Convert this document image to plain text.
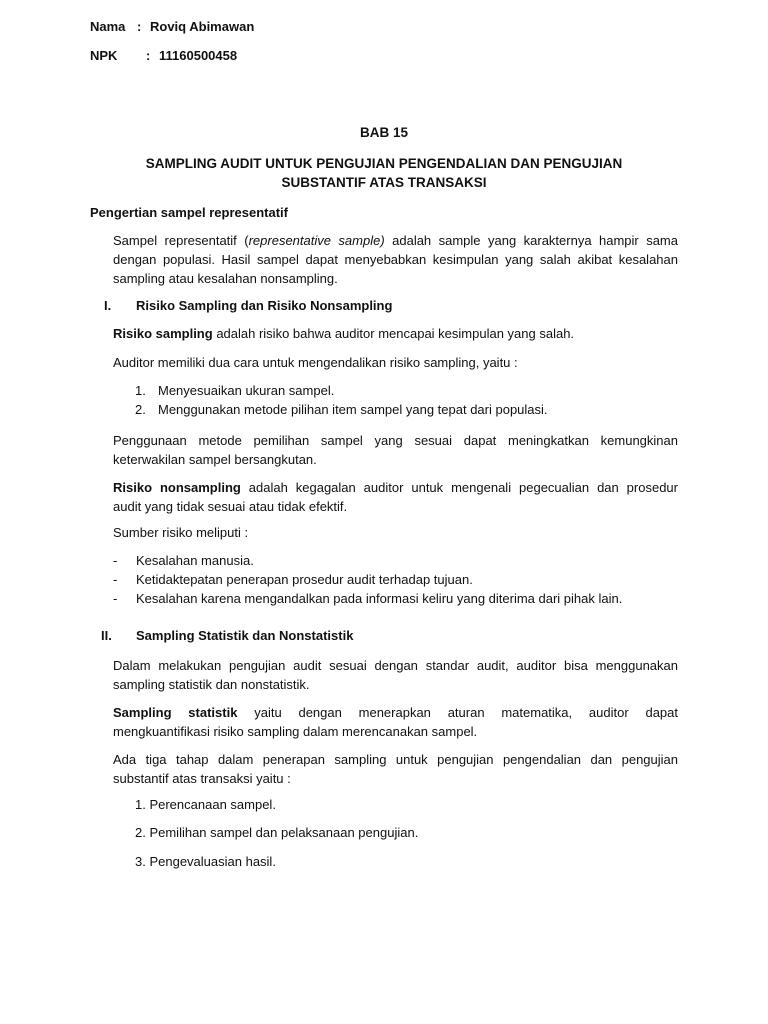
Nama : Roviq Abimawan
NPK : 11160500458
BAB 15
SAMPLING AUDIT UNTUK PENGUJIAN PENGENDALIAN DAN PENGUJIAN
SUBSTANTIF ATAS TRANSAKSI
Pengertian sampel representatif
Sampel representatif (representative sample) adalah sample yang karakternya hampir sama
dengan populasi. Hasil sampel dapat menyebabkan kesimpulan yang salah akibat kesalahan
sampling atau kesalahan nonsampling.
I. Risiko Sampling dan Risiko Nonsampling
Risiko sampling adalah risiko bahwa auditor mencapai kesimpulan yang salah.
Auditor memiliki dua cara untuk mengendalikan risiko sampling, yaitu :
1. Menyesuaikan ukuran sampel.
2. Menggunakan metode pilihan item sampel yang tepat dari populasi.
Penggunaan metode pemilihan sampel yang sesuai dapat meningkatkan kemungkinan
keterwakilan sampel bersangkutan.
Risiko nonsampling adalah kegagalan auditor untuk mengenali pegecualian dan prosedur
audit yang tidak sesuai atau tidak efektif.
Sumber risiko meliputi :
- Kesalahan manusia.
- Ketidaktepatan penerapan prosedur audit terhadap tujuan.
- Kesalahan karena mengandalkan pada informasi keliru yang diterima dari pihak lain.
II. Sampling Statistik dan Nonstatistik
Dalam melakukan pengujian audit sesuai dengan standar audit, auditor bisa menggunakan
sampling statistik dan nonstatistik.
Sampling statistik yaitu dengan menerapkan aturan matematika, auditor dapat
mengkuantifikasi risiko sampling dalam merencanakan sampel.
Ada tiga tahap dalam penerapan sampling untuk pengujian pengendalian dan pengujian
substantif atas transaksi yaitu :
1. Perencanaan sampel.
2. Pemilihan sampel dan pelaksanaan pengujian.
3. Pengevaluasian hasil.
